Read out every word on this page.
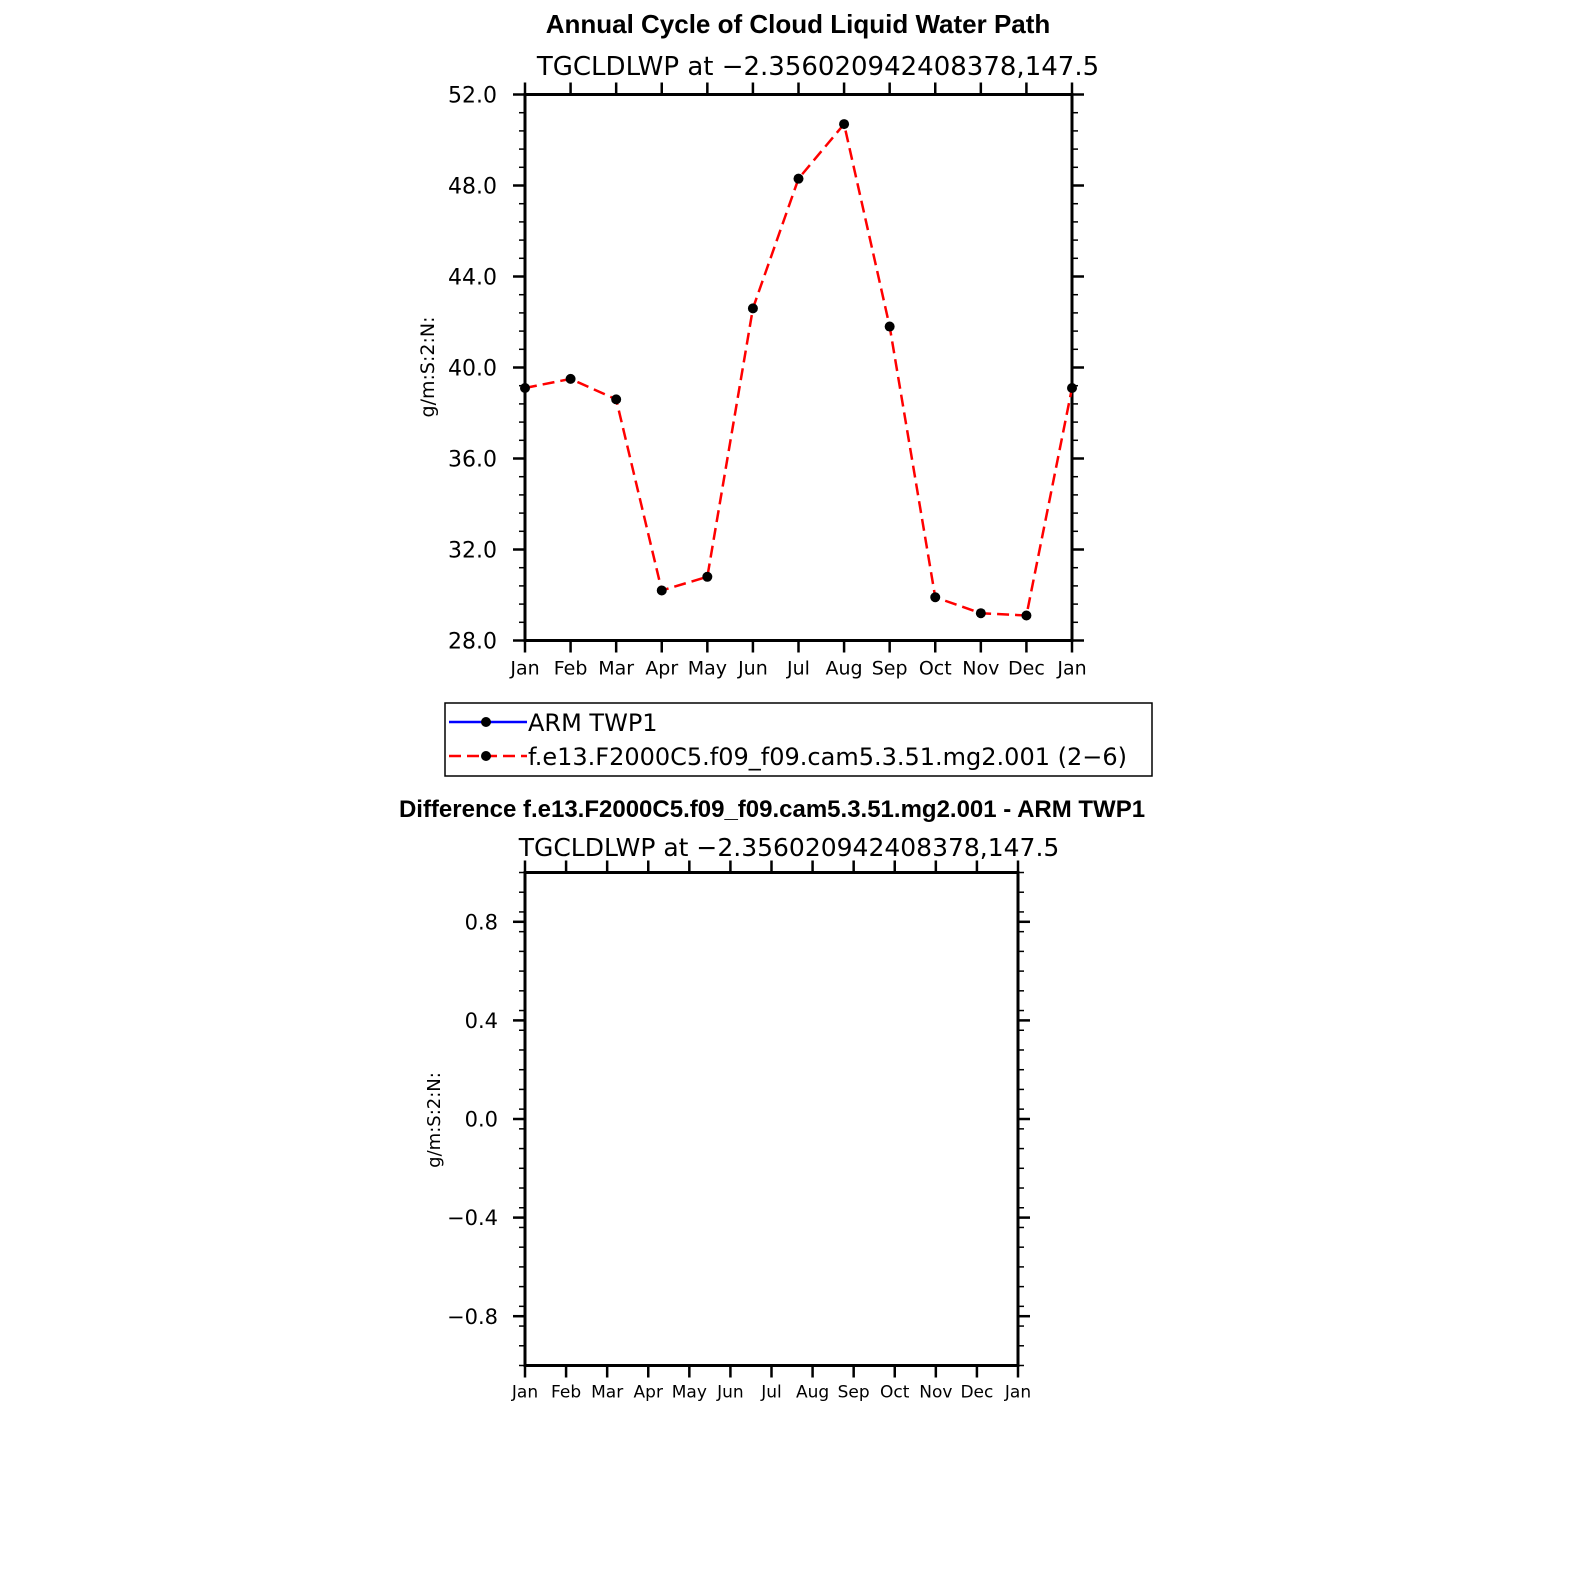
Annual Cycle of Cloud Liquid Water Path
TGCLDLWP at −2.356020942408378,147.5
28.0
32.0
36.0
40.0
44.0
48.0
52.0
Jan Feb Mar Apr May Jun Jul Aug Sep Oct Nov Dec Jan
g/m:S:2:N:
ARM TWP1
f.e13.F2000C5.f09_f09.cam5.3.51.mg2.001 (2−6)
Difference f.e13.F2000C5.f09_f09.cam5.3.51.mg2.001 - ARM TWP1
TGCLDLWP at −2.356020942408378,147.5
−0.8
−0.4
0.0
0.4
0.8
Jan Feb Mar Apr May Jun Jul Aug Sep Oct Nov Dec Jan
g/m:S:2:N:
